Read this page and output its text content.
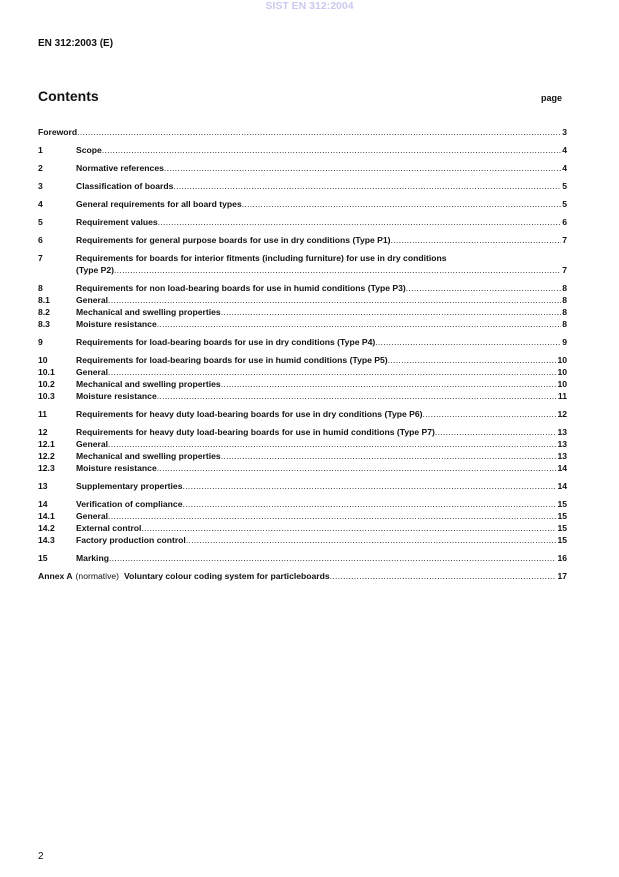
SIST EN 312:2004
EN 312:2003 (E)
Contents	page
Foreword .....	3
1	Scope .....	4
2	Normative references .....	4
3	Classification of boards .....	5
4	General requirements for all board types .....	5
5	Requirement values .....	6
6	Requirements for general purpose boards for use in dry conditions (Type P1) .....	7
7	Requirements for boards for interior fitments (including furniture) for use in dry conditions
(Type P2) .....	7
8	Requirements for non load-bearing boards for use in humid conditions (Type P3) .....	8
8.1	General .....	8
8.2	Mechanical and swelling properties .....	8
8.3	Moisture resistance .....	8
9	Requirements for load-bearing boards for use in dry conditions (Type P4) .....	9
10	Requirements for load-bearing boards for use in humid conditions (Type P5) .....	10
10.1	General .....	10
10.2	Mechanical and swelling properties .....	10
10.3	Moisture resistance .....	11
11	Requirements for heavy duty load-bearing boards for use in dry conditions (Type P6) .....	12
12	Requirements for heavy duty load-bearing boards for use in humid conditions (Type P7) .....	13
12.1	General .....	13
12.2	Mechanical and swelling properties .....	13
12.3	Moisture resistance .....	14
13	Supplementary properties .....	14
14	Verification of compliance .....	15
14.1	General .....	15
14.2	External control .....	15
14.3	Factory production control .....	15
15	Marking .....	16
Annex A (normative) Voluntary colour coding system for particleboards .....	17
2
